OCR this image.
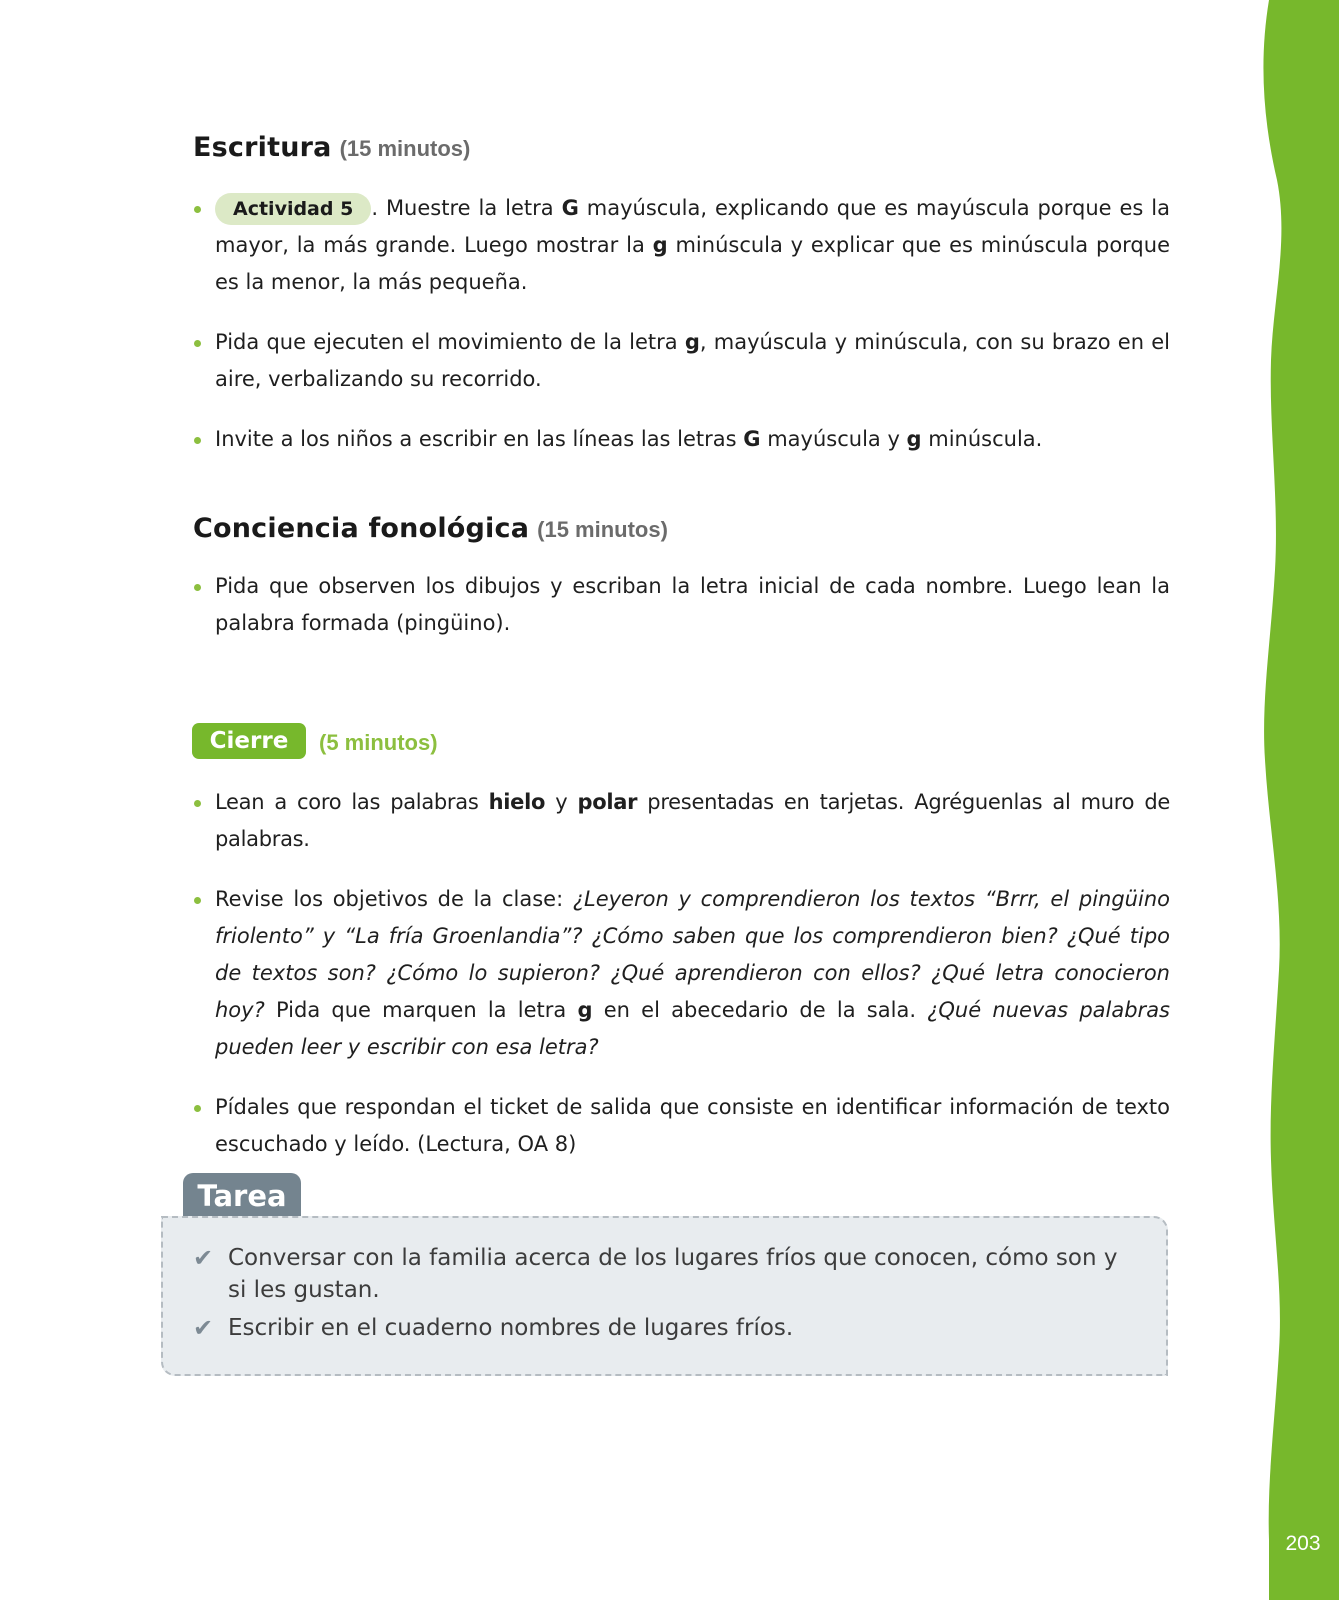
203
Escritura (15 minutos)
Actividad 5 . Muestre la letra G mayúscula, explicando que es mayúscula porque es la mayor, la más grande. Luego mostrar la g minúscula y explicar que es minúscula porque es la menor, la más pequeña.
Pida que ejecuten el movimiento de la letra g, mayúscula y minúscula, con su brazo en el aire, verbalizando su recorrido.
Invite a los niños a escribir en las líneas las letras G mayúscula y g minúscula.
Conciencia fonológica (15 minutos)
Pida que observen los dibujos y escriban la letra inicial de cada nombre. Luego lean la palabra formada (pingüino).
Cierre	(5 minutos)
Lean a coro las palabras hielo y polar presentadas en tarjetas. Agréguenlas al muro de palabras.
Revise los objetivos de la clase: ¿Leyeron y comprendieron los textos “Brrr, el pingüino friolento” y “La fría Groenlandia”? ¿Cómo saben que los comprendieron bien? ¿Qué tipo de textos son? ¿Cómo lo supieron? ¿Qué aprendieron con ellos? ¿Qué letra conocieron hoy? Pida que marquen la letra g en el abecedario de la sala. ¿Qué nuevas palabras pueden leer y escribir con esa letra?
Pídales que respondan el ticket de salida que consiste en identificar información de texto escuchado y leído. (Lectura, OA 8)
Tarea
✔ Conversar con la familia acerca de los lugares fríos que conocen, cómo son y si les gustan.
✔ Escribir en el cuaderno nombres de lugares fríos.
